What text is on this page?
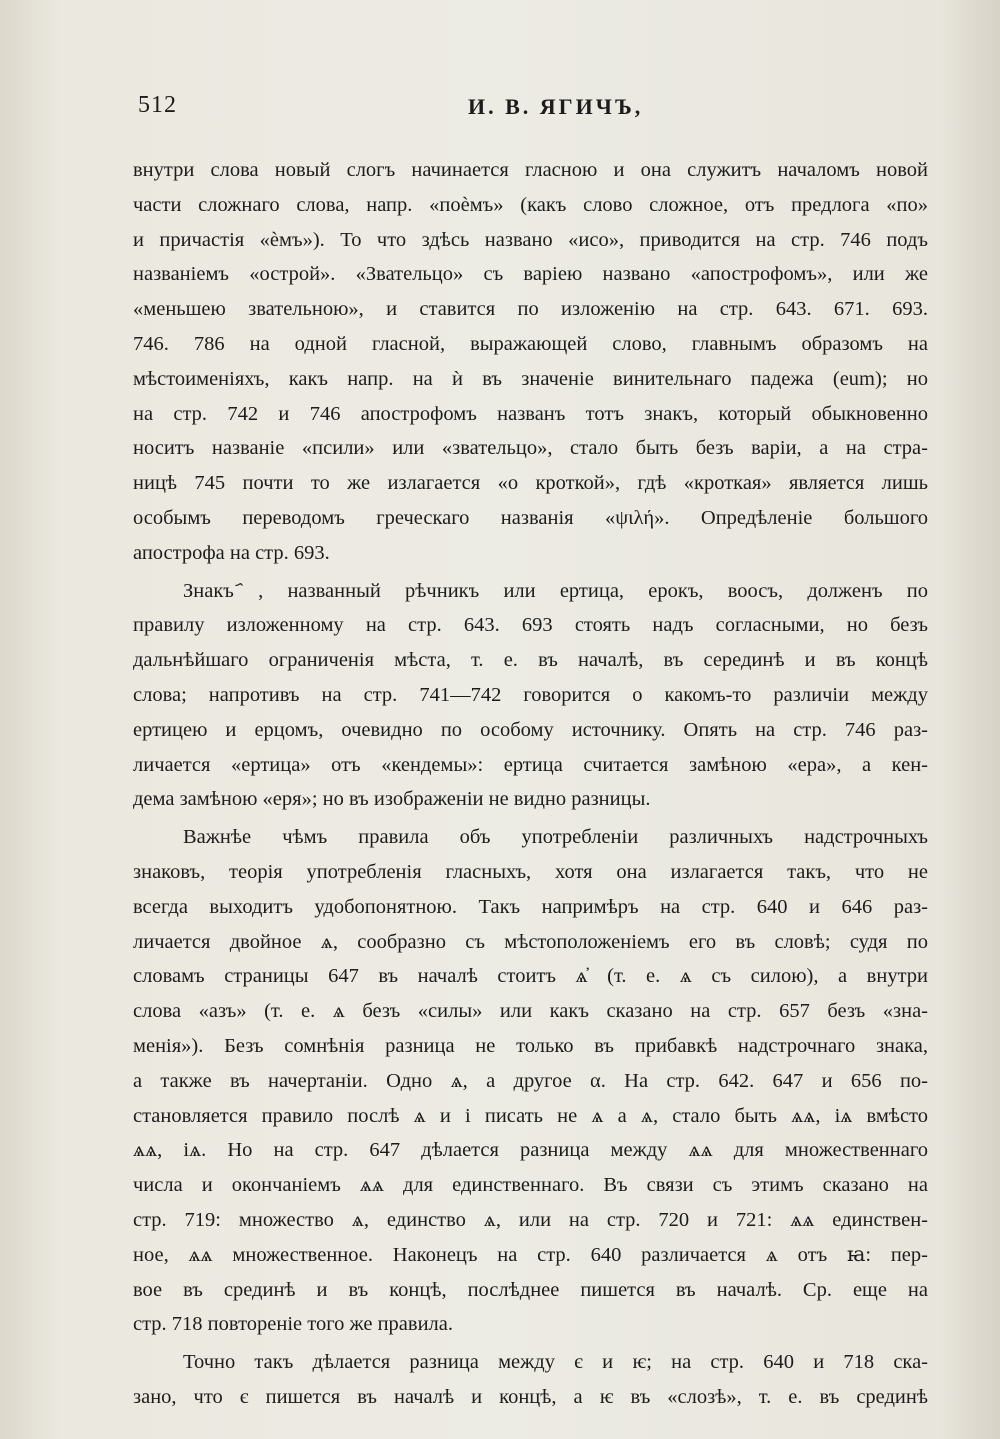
512	И. В. ЯГИЧЪ,
внутри слова новый слогъ начинается гласною и она служитъ началомъ новой
части сложнаго слова, напр. «поѐмъ» (какъ слово сложное, отъ предлога «по»
и причастія «ѐмъ»). То что здѣсь названо «исо», приводится на стр. 746 подъ
названіемъ «острой». «Звательцо» съ варіею названо «апострофомъ», или же
«меньшею звательною», и ставится по изложенію на стр. 643. 671. 693.
746. 786 на одной гласной, выражающей слово, главнымъ образомъ на
мѣстоименіяхъ, какъ напр. на ѝ въ значеніе винительнаго падежа (eum); но
на стр. 742 и 746 апострофомъ названъ тотъ знакъ, который обыкновенно
носитъ названіе «псили» или «звательцо», стало быть безъ варіи, а на стра-
ницѣ 745 почти то же излагается «о кроткой», гдѣ «кроткая» является лишь
особымъ переводомъ греческаго названія «ψιλή». Опредѣленіе большого
апострофа на стр. 693.
Знакъ ҄, названный рѣчникъ или ертица, ерокъ, воосъ, долженъ по
правилу изложенному на стр. 643. 693 стоять надъ согласными, но безъ
дальнѣйшаго ограниченія мѣста, т. е. въ началѣ, въ серединѣ и въ концѣ
слова; напротивъ на стр. 741—742 говорится о какомъ-то различіи между
ертицею и ерцомъ, очевидно по особому источнику. Опять на стр. 746 раз-
личается «ертица» отъ «кендемы»: ертица считается замѣною «ера», а кен-
дема замѣною «еря»; но въ изображеніи не видно разницы.
Важнѣе чѣмъ правила объ употребленіи различныхъ надстрочныхъ
знаковъ, теорія употребленія гласныхъ, хотя она излагается такъ, что не
всегда выходитъ удобопонятною. Такъ напримѣръ на стр. 640 и 646 раз-
личается двойное ѧ, сообразно съ мѣстоположеніемъ его въ словѣ; судя по
словамъ страницы 647 въ началѣ стоитъ ѧ̓ (т. е. ѧ съ силою), а внутри
слова «азъ» (т. е. ѧ безъ «силы» или какъ сказано на стр. 657 безъ «зна-
менія»). Безъ сомнѣнія разница не только въ прибавкѣ надстрочнаго знака,
а также въ начертаніи. Одно ѧ, а другое α. На стр. 642. 647 и 656 по-
становляется правило послѣ ѧ и і писать не ѧ а ѧ, стало быть ѧѧ, іѧ вмѣсто
ѧѧ, іѧ. Но на стр. 647 дѣлается разница между ѧѧ для множественнаго
числа и окончаніемъ ѧѧ для единственнаго. Въ связи съ этимъ сказано на
стр. 719: множество ѧ, единство ѧ, или на стр. 720 и 721: ѧѧ единствен-
ное, ѧѧ множественное. Наконецъ на стр. 640 различается ѧ отъ ꙗ: пер-
вое въ срединѣ и въ концѣ, послѣднее пишется въ началѣ. Ср. еще на
стр. 718 повтореніе того же правила.
Точно такъ дѣлается разница между є и ѥ; на стр. 640 и 718 ска-
зано, что є пишется въ началѣ и концѣ, а ѥ въ «слозѣ», т. е. въ срединѣ
